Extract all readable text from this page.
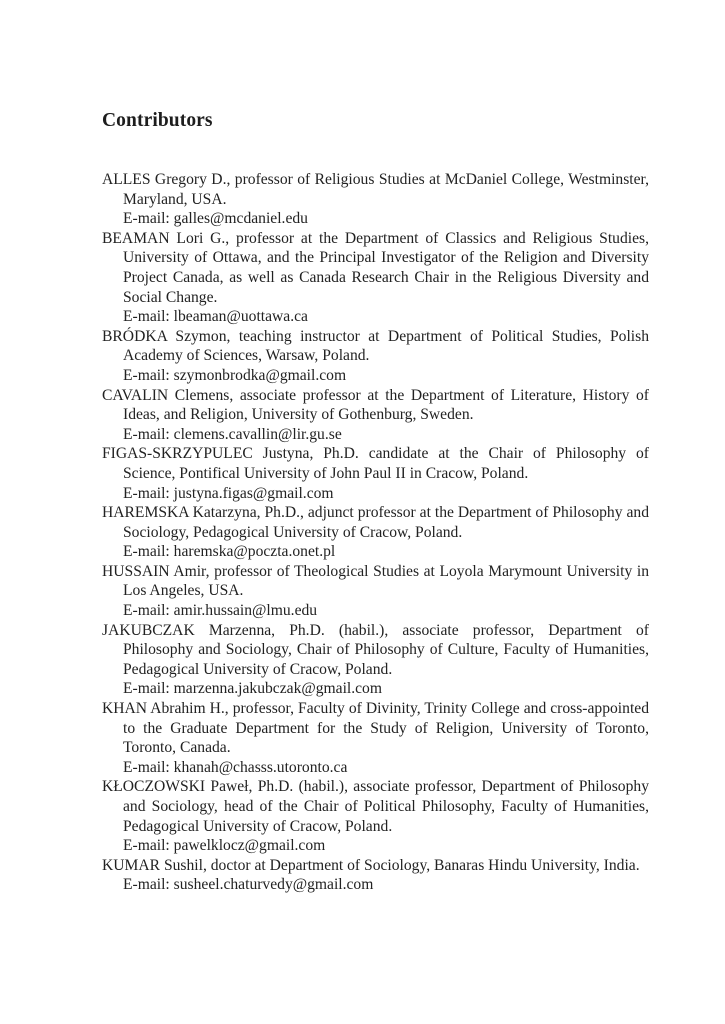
Contributors
ALLES Gregory D., professor of Religious Studies at McDaniel College, Westminster, Maryland, USA.
E-mail: galles@mcdaniel.edu
BEAMAN Lori G., professor at the Department of Classics and Religious Studies, University of Ottawa, and the Principal Investigator of the Religion and Diversity Project Canada, as well as Canada Research Chair in the Religious Diversity and Social Change.
E-mail: lbeaman@uottawa.ca
BRÓDKA Szymon, teaching instructor at Department of Political Studies, Polish Academy of Sciences, Warsaw, Poland.
E-mail: szymonbrodka@gmail.com
CAVALIN Clemens, associate professor at the Department of Literature, History of Ideas, and Religion, University of Gothenburg, Sweden.
E-mail: clemens.cavallin@lir.gu.se
FIGAS-SKRZYPULEC Justyna, Ph.D. candidate at the Chair of Philosophy of Science, Pontifical University of John Paul II in Cracow, Poland.
E-mail: justyna.figas@gmail.com
HAREMSKA Katarzyna, Ph.D., adjunct professor at the Department of Philosophy and Sociology, Pedagogical University of Cracow, Poland.
E-mail: haremska@poczta.onet.pl
HUSSAIN Amir, professor of Theological Studies at Loyola Marymount University in Los Angeles, USA.
E-mail: amir.hussain@lmu.edu
JAKUBCZAK Marzenna, Ph.D. (habil.), associate professor, Department of Philosophy and Sociology, Chair of Philosophy of Culture, Faculty of Humanities, Pedagogical University of Cracow, Poland.
E-mail: marzenna.jakubczak@gmail.com
KHAN Abrahim H., professor, Faculty of Divinity, Trinity College and cross-appointed to the Graduate Department for the Study of Religion, University of Toronto, Toronto, Canada.
E-mail: khanah@chasss.utoronto.ca
KŁOCZOWSKI Paweł, Ph.D. (habil.), associate professor, Department of Philosophy and Sociology, head of the Chair of Political Philosophy, Faculty of Humanities, Pedagogical University of Cracow, Poland.
E-mail: pawelklocz@gmail.com
KUMAR Sushil, doctor at Department of Sociology, Banaras Hindu University, India.
E-mail: susheel.chaturvedy@gmail.com
